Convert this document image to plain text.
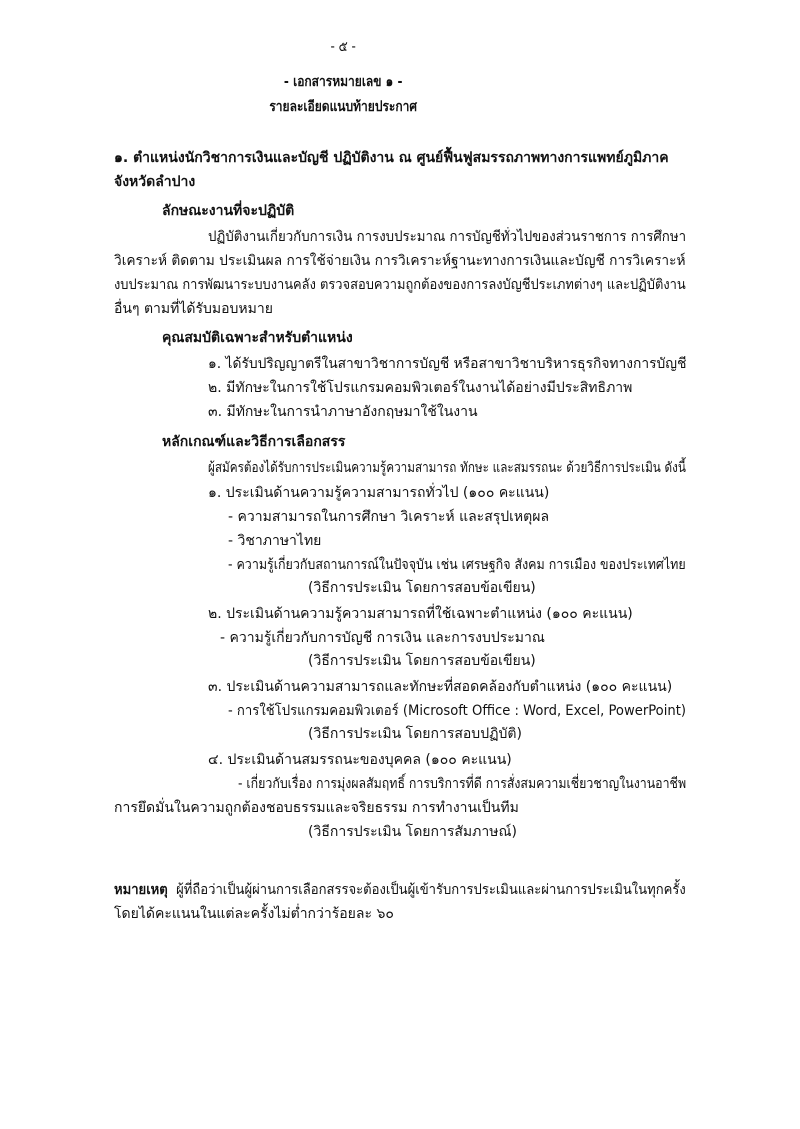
- ๕ -
- เอกสารหมายเลข ๑ -
รายละเอียดแนบท้ายประกาศ
๑. ตำแหน่งนักวิชาการเงินและบัญชี ปฏิบัติงาน ณ ศูนย์ฟื้นฟูสมรรถภาพทางการแพทย์ภูมิภาค
จังหวัดลำปาง
ลักษณะงานที่จะปฏิบัติ
ปฏิบัติงานเกี่ยวกับการเงิน การงบประมาณ การบัญชีทั่วไปของส่วนราชการ การศึกษา
วิเคราะห์ ติดตาม ประเมินผล การใช้จ่ายเงิน การวิเคราะห์ฐานะทางการเงินและบัญชี การวิเคราะห์
งบประมาณ การพัฒนาระบบงานคลัง ตรวจสอบความถูกต้องของการลงบัญชีประเภทต่างๆ และปฏิบัติงาน
อื่นๆ ตามที่ได้รับมอบหมาย
คุณสมบัติเฉพาะสำหรับตำแหน่ง
๑. ได้รับปริญญาตรีในสาขาวิชาการบัญชี หรือสาขาวิชาบริหารธุรกิจทางการบัญชี
๒. มีทักษะในการใช้โปรแกรมคอมพิวเตอร์ในงานได้อย่างมีประสิทธิภาพ
๓. มีทักษะในการนำภาษาอังกฤษมาใช้ในงาน
หลักเกณฑ์และวิธีการเลือกสรร
ผู้สมัครต้องได้รับการประเมินความรู้ความสามารถ ทักษะ และสมรรถนะ ด้วยวิธีการประเมิน ดังนี้
๑. ประเมินด้านความรู้ความสามารถทั่วไป (๑๐๐ คะแนน)
- ความสามารถในการศึกษา วิเคราะห์ และสรุปเหตุผล
- วิชาภาษาไทย
- ความรู้เกี่ยวกับสถานการณ์ในปัจจุบัน เช่น เศรษฐกิจ สังคม การเมือง ของประเทศไทย
(วิธีการประเมิน โดยการสอบข้อเขียน)
๒. ประเมินด้านความรู้ความสามารถที่ใช้เฉพาะตำแหน่ง (๑๐๐ คะแนน)
- ความรู้เกี่ยวกับการบัญชี การเงิน และการงบประมาณ
(วิธีการประเมิน โดยการสอบข้อเขียน)
๓. ประเมินด้านความสามารถและทักษะที่สอดคล้องกับตำแหน่ง (๑๐๐ คะแนน)
- การใช้โปรแกรมคอมพิวเตอร์ (Microsoft Office : Word, Excel, PowerPoint)
(วิธีการประเมิน โดยการสอบปฏิบัติ)
๔. ประเมินด้านสมรรถนะของบุคคล (๑๐๐ คะแนน)
- เกี่ยวกับเรื่อง การมุ่งผลสัมฤทธิ์ การบริการที่ดี การสั่งสมความเชี่ยวชาญในงานอาชีพ
การยึดมั่นในความถูกต้องชอบธรรมและจริยธรรม การทำงานเป็นทีม
(วิธีการประเมิน โดยการสัมภาษณ์)
หมายเหตุ ผู้ที่ถือว่าเป็นผู้ผ่านการเลือกสรรจะต้องเป็นผู้เข้ารับการประเมินและผ่านการประเมินในทุกครั้ง
โดยได้คะแนนในแต่ละครั้งไม่ต่ำกว่าร้อยละ ๖๐
